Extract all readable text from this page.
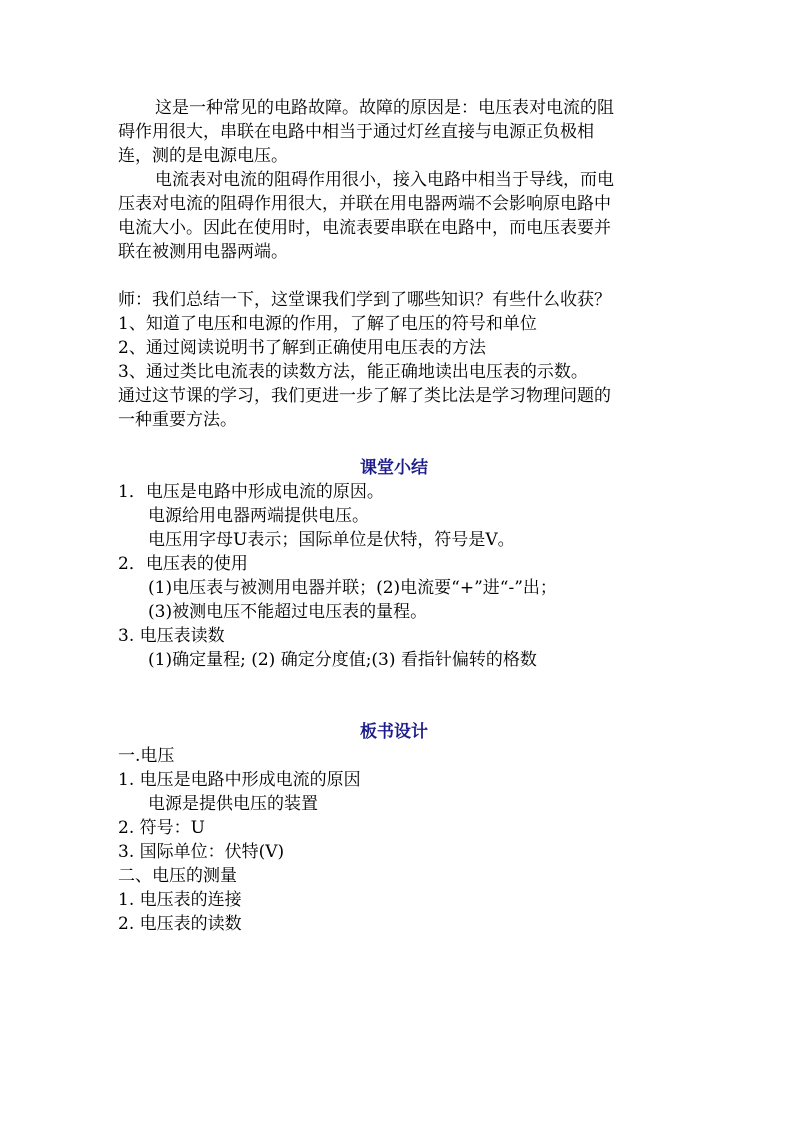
这是一种常见的电路故障。故障的原因是：电压表对电流的阻
碍作用很大，串联在电路中相当于通过灯丝直接与电源正负极相
连，测的是电源电压。
电流表对电流的阻碍作用很小，接入电路中相当于导线，而电
压表对电流的阻碍作用很大，并联在用电器两端不会影响原电路中
电流大小。因此在使用时，电流表要串联在电路中，而电压表要并
联在被测用电器两端。
师：我们总结一下，这堂课我们学到了哪些知识？有些什么收获？
1、知道了电压和电源的作用，了解了电压的符号和单位
2、通过阅读说明书了解到正确使用电压表的方法
3、通过类比电流表的读数方法，能正确地读出电压表的示数。
通过这节课的学习，我们更进一步了解了类比法是学习物理问题的
一种重要方法。
课堂小结
1．电压是电路中形成电流的原因。
电源给用电器两端提供电压。
电压用字母U表示；国际单位是伏特，符号是V。
2．电压表的使用
(1)电压表与被测用电器并联；(2)电流要“+”进“-”出；
(3)被测电压不能超过电压表的量程。
3. 电压表读数
(1)确定量程; (2) 确定分度值;(3) 看指针偏转的格数
板书设计
一.电压
1. 电压是电路中形成电流的原因
电源是提供电压的装置
2. 符号：U
3. 国际单位：伏特(V)
二、电压的测量
1. 电压表的连接
2. 电压表的读数
